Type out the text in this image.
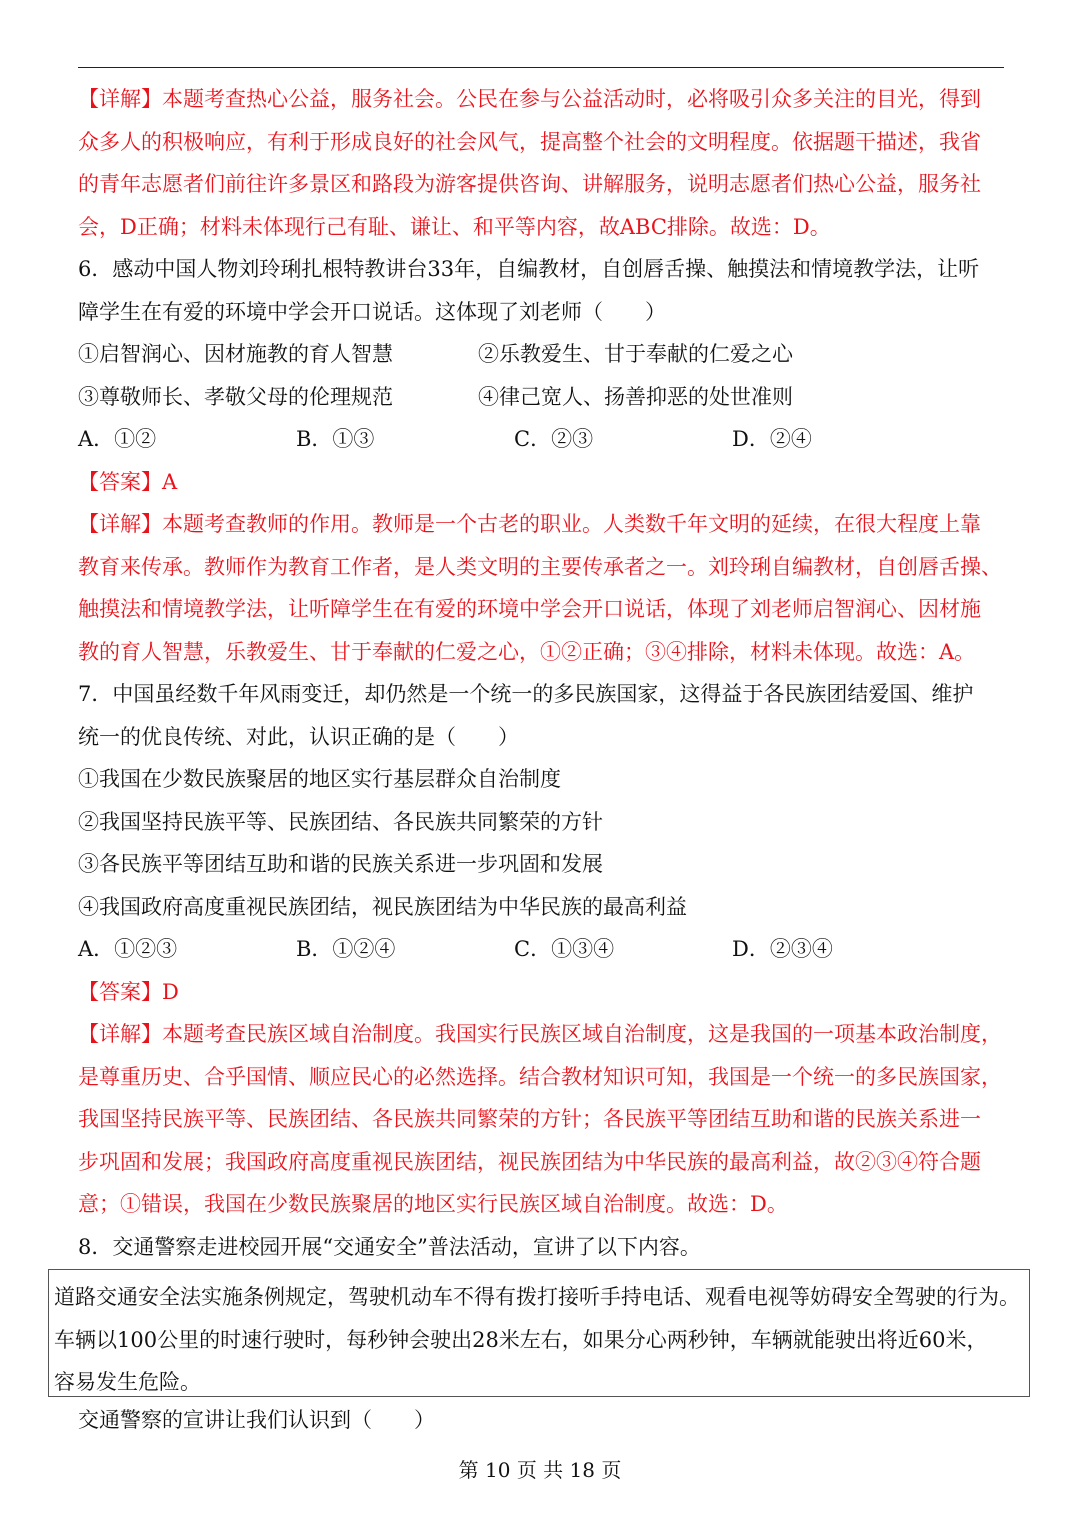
【详解】本题考查热心公益，服务社会。公民在参与公益活动时，必将吸引众多关注的目光，得到

众多人的积极响应，有利于形成良好的社会风气，提高整个社会的文明程度。依据题干描述，我省

的青年志愿者们前往许多景区和路段为游客提供咨询、讲解服务，说明志愿者们热心公益，服务社

会，D正确；材料未体现行己有耻、谦让、和平等内容，故ABC排除。故选：D。

6．感动中国人物刘玲琍扎根特教讲台33年，自编教材，自创唇舌操、触摸法和情境教学法，让听

障学生在有爱的环境中学会开口说话。这体现了刘老师（　　）

①启智润心、因材施教的育人智慧	②乐教爱生、甘于奉献的仁爱之心
③尊敬师长、孝敬父母的伦理规范	④律己宽人、扬善抑恶的处世准则
A．①②	B．①③	C．②③	D．②④

【答案】A

【详解】本题考查教师的作用。教师是一个古老的职业。人类数千年文明的延续，在很大程度上靠

教育来传承。教师作为教育工作者，是人类文明的主要传承者之一。刘玲琍自编教材，自创唇舌操、

触摸法和情境教学法，让听障学生在有爱的环境中学会开口说话，体现了刘老师启智润心、因材施

教的育人智慧，乐教爱生、甘于奉献的仁爱之心，①②正确；③④排除，材料未体现。故选：A。

7．中国虽经数千年风雨变迁，却仍然是一个统一的多民族国家，这得益于各民族团结爱国、维护

统一的优良传统、对此，认识正确的是（　　）

①我国在少数民族聚居的地区实行基层群众自治制度

②我国坚持民族平等、民族团结、各民族共同繁荣的方针

③各民族平等团结互助和谐的民族关系进一步巩固和发展

④我国政府高度重视民族团结，视民族团结为中华民族的最高利益

A．①②③	B．①②④	C．①③④	D．②③④

【答案】D

【详解】本题考查民族区域自治制度。我国实行民族区域自治制度，这是我国的一项基本政治制度，

是尊重历史、合乎国情、顺应民心的必然选择。结合教材知识可知，我国是一个统一的多民族国家，

我国坚持民族平等、民族团结、各民族共同繁荣的方针；各民族平等团结互助和谐的民族关系进一

步巩固和发展；我国政府高度重视民族团结，视民族团结为中华民族的最高利益，故②③④符合题

意；①错误，我国在少数民族聚居的地区实行民族区域自治制度。故选：D。

8．交通警察走进校园开展“交通安全”普法活动，宣讲了以下内容。

道路交通安全法实施条例规定，驾驶机动车不得有拨打接听手持电话、观看电视等妨碍安全驾驶的行为。

车辆以100公里的时速行驶时，每秒钟会驶出28米左右，如果分心两秒钟，车辆就能驶出将近60米，

容易发生危险。

交通警察的宣讲让我们认识到（　　）
第 10 页 共 18 页
